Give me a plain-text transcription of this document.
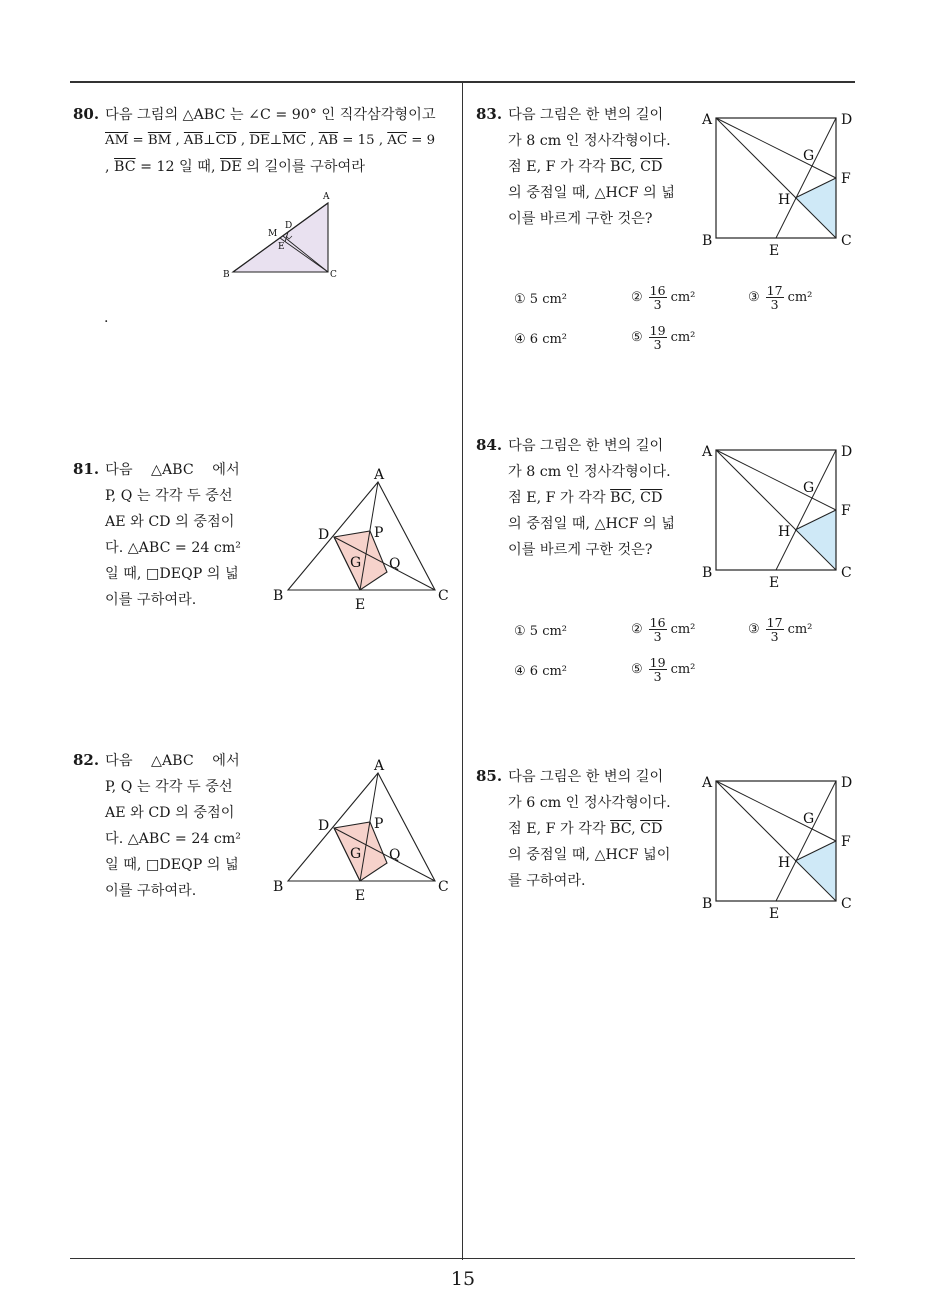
80. 다음 그림의 △ABC 는 ∠C = 90° 인 직각삼각형이고
$\overline{AM} = \overline{BM}$ , $\overline{AB}\perp\overline{CD}$ , $\overline{DE}\perp\overline{MC}$ , $\overline{AB} = 15$ , $\overline{AC} = 9$
, $\overline{BC} = 12$ 일 때, $\overline{DE}$ 의 길이를 구하여라
A
B	C
D
M
E
.
81. 다음 △ABC 에서
P, Q 는 각각 두 중선
AE 와 CD 의 중점이
다. △ABC = 24 cm²
일 때, □DEQP 의 넓
이를 구하여라.
A
B	C
D
E
G
P
Q
82. 다음 △ABC 에서
P, Q 는 각각 두 중선
AE 와 CD 의 중점이
다. △ABC = 24 cm²
일 때, □DEQP 의 넓
이를 구하여라.
A
B	C
D
E
G
P
Q
83. 다음 그림은 한 변의 길이
가 8 cm 인 정사각형이다.
점 E, F 가 각각 $\overline{BC}$, $\overline{CD}$
의 중점일 때, △HCF 의 넓
이를 바르게 구한 것은?
A	D
B	C
E
F
G
H
①
5 cm²	② $\frac{16}{3} cm^2$	③ $\frac{17}{3} cm^2$
④
6 cm²	⑤ $\frac{19}{3} cm^2$
84. 다음 그림은 한 변의 길이
가 8 cm 인 정사각형이다.
점 E, F 가 각각 $\overline{BC}$, $\overline{CD}$
의 중점일 때, △HCF 의 넓
이를 바르게 구한 것은?
A	D
B	C
E
F
G
H
①
5 cm²	② $\frac{16}{3} cm^2$	③ $\frac{17}{3} cm^2$
④
6 cm²	⑤ $\frac{19}{3} cm^2$
85. 다음 그림은 한 변의 길이
가 6 cm 인 정사각형이다.
점 E, F 가 각각 $\overline{BC}$, $\overline{CD}$
의 중점일 때, △HCF 넓이
를 구하여라.
A	D
B	C
E
F
G
H
15
